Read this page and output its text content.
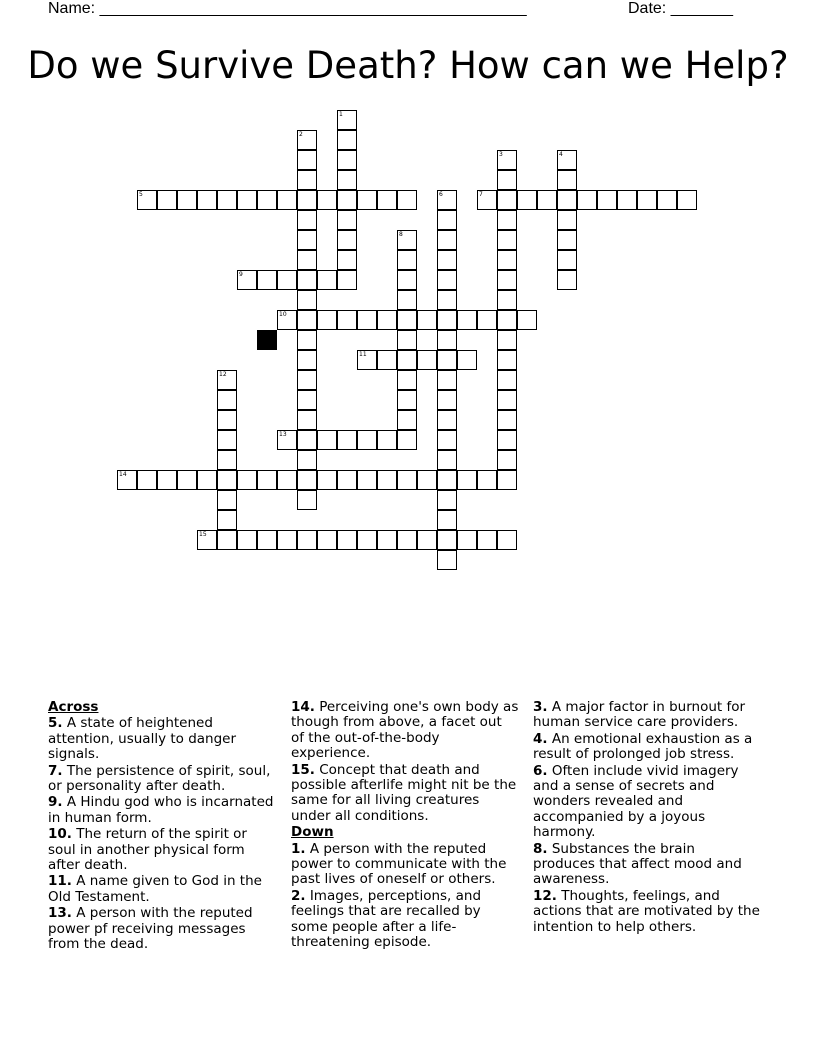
Name: ________________________________________________	Date: _______
Do we Survive Death? How can we Help?
1
2
3	4
5	6	7
8
9
10
11
12
13
14
15
Across
5. A state of heightened attention, usually to danger signals.
7. The persistence of spirit, soul, or personality after death.
9. A Hindu god who is incarnated in human form.
10. The return of the spirit or soul in another physical form after death.
11. A name given to God in the Old Testament.
13. A person with the reputed power pf receiving messages from the dead.
14. Perceiving one's own body as though from above, a facet out of the out-of-the-body experience.
15. Concept that death and possible afterlife might nit be the same for all living creatures under all conditions.
Down
1. A person with the reputed power to communicate with the past lives of oneself or others.
2. Images, perceptions, and feelings that are recalled by some people after a life-threatening episode.
3. A major factor in burnout for human service care providers.
4. An emotional exhaustion as a result of prolonged job stress.
6. Often include vivid imagery and a sense of secrets and wonders revealed and accompanied by a joyous harmony.
8. Substances the brain produces that affect mood and awareness.
12. Thoughts, feelings, and actions that are motivated by the intention to help others.
